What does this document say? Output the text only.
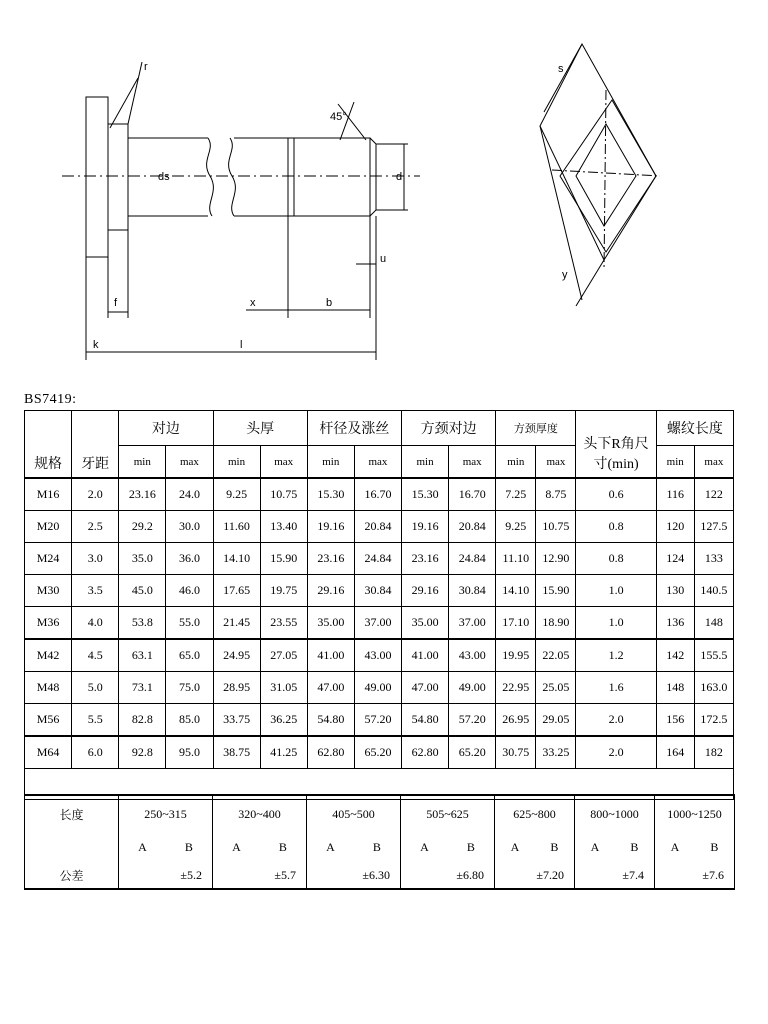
r
ds	d
45°
u
f	x	b
k	l
s
y
BS7419:
规格	牙距	对边		头厚		杆径及涨丝		方颈对边		方颈厚度		头下R角尺寸(min)	螺纹长度	
		min	max	min	max	min	max	min	max	min	max		min	max
M16	2.0	23.16	24.0	9.25	10.75	15.30	16.70	15.30	16.70	7.25	8.75	0.6	116	122
M20	2.5	29.2	30.0	11.60	13.40	19.16	20.84	19.16	20.84	9.25	10.75	0.8	120	127.5
M24	3.0	35.0	36.0	14.10	15.90	23.16	24.84	23.16	24.84	11.10	12.90	0.8	124	133
M30	3.5	45.0	46.0	17.65	19.75	29.16	30.84	29.16	30.84	14.10	15.90	1.0	130	140.5
M36	4.0	53.8	55.0	21.45	23.55	35.00	37.00	35.00	37.00	17.10	18.90	1.0	136	148
M42	4.5	63.1	65.0	24.95	27.05	41.00	43.00	41.00	43.00	19.95	22.05	1.2	142	155.5
M48	5.0	73.1	75.0	28.95	31.05	47.00	49.00	47.00	49.00	22.95	25.05	1.6	148	163.0
M56	5.5	82.8	85.0	33.75	36.25	54.80	57.20	54.80	57.20	26.95	29.05	2.0	156	172.5
M64	6.0	92.8	95.0	38.75	41.25	62.80	65.20	62.80	65.20	30.75	33.25	2.0	164	182

长度	250~315	320~400	405~500	505~625	625~800	800~1000	1000~1250

	A B	A B	A B	A B	A B	A B	A B

公差	±5.2	±5.7	±6.30	±6.80	±7.20	±7.4	±7.6
